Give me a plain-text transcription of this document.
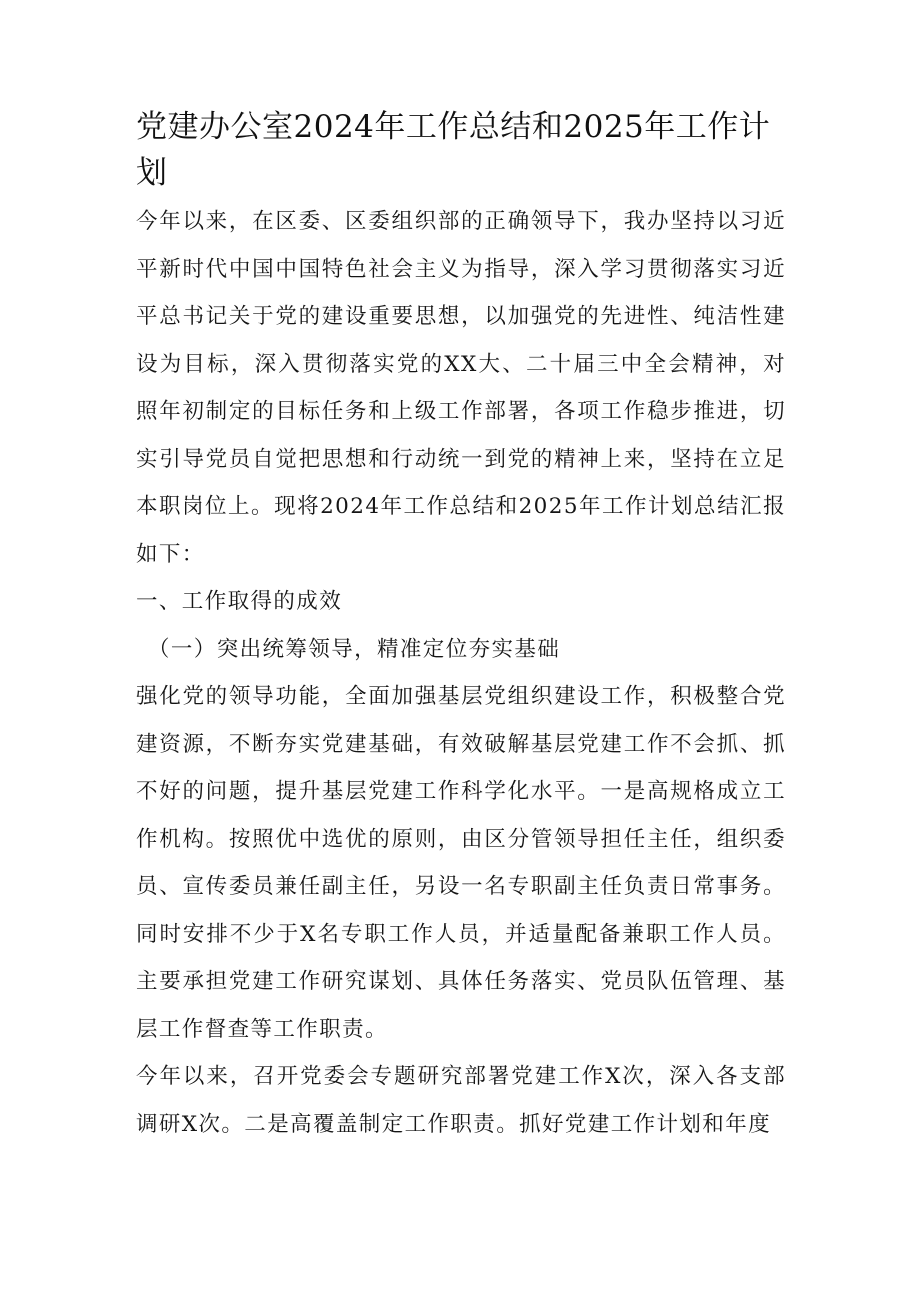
党建办公室2024年工作总结和2025年工作计划

今年以来，在区委、区委组织部的正确领导下，我办坚持以习近平新时代中国中国特色社会主义为指导，深入学习贯彻落实习近平总书记关于党的建设重要思想，以加强党的先进性、纯洁性建设为目标，深入贯彻落实党的XX大、二十届三中全会精神，对照年初制定的目标任务和上级工作部署，各项工作稳步推进，切实引导党员自觉把思想和行动统一到党的精神上来，坚持在立足本职岗位上。现将2024年工作总结和2025年工作计划总结汇报如下：

一、工作取得的成效

（一）突出统筹领导，精准定位夯实基础

强化党的领导功能，全面加强基层党组织建设工作，积极整合党建资源，不断夯实党建基础，有效破解基层党建工作不会抓、抓不好的问题，提升基层党建工作科学化水平。一是高规格成立工作机构。按照优中选优的原则，由区分管领导担任主任，组织委员、宣传委员兼任副主任，另设一名专职副主任负责日常事务。同时安排不少于X名专职工作人员，并适量配备兼职工作人员。主要承担党建工作研究谋划、具体任务落实、党员队伍管理、基层工作督查等工作职责。

今年以来，召开党委会专题研究部署党建工作X次，深入各支部调研X次。二是高覆盖制定工作职责。抓好党建工作计划和年度
